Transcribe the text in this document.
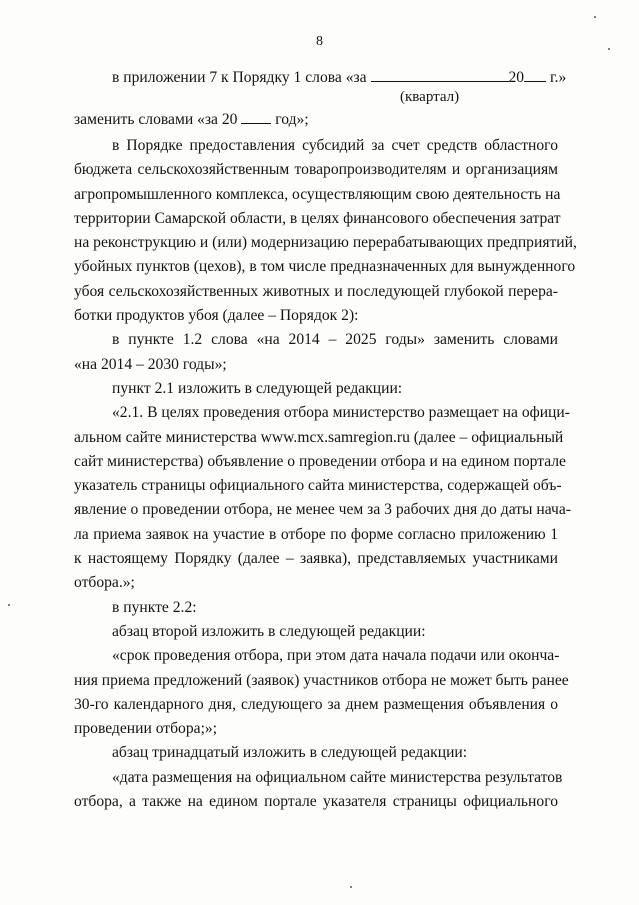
8
в приложении 7 к Порядку 1 слова «за	20 г.»
(квартал)
заменить словами «за 20 год»;
в Порядке предоставления субсидий за счет средств областного
бюджета сельскохозяйственным товаропроизводителям и организациям
агропромышленного комплекса, осуществляющим свою деятельность на
территории Самарской области, в целях финансового обеспечения затрат
на реконструкцию и (или) модернизацию перерабатывающих предприятий,
убойных пунктов (цехов), в том числе предназначенных для вынужденного
убоя сельскохозяйственных животных и последующей глубокой перера-
ботки продуктов убоя (далее – Порядок 2):
в пункте 1.2 слова «на 2014 – 2025 годы» заменить словами
«на 2014 – 2030 годы»;
пункт 2.1 изложить в следующей редакции:
«2.1. В целях проведения отбора министерство размещает на офици-
альном сайте министерства www.mcx.samregion.ru (далее – официальный
сайт министерства) объявление о проведении отбора и на едином портале
указатель страницы официального сайта министерства, содержащей объ-
явление о проведении отбора, не менее чем за 3 рабочих дня до даты нача-
ла приема заявок на участие в отборе по форме согласно приложению 1
к настоящему Порядку (далее – заявка), представляемых участниками
отбора.»;
в пункте 2.2:
абзац второй изложить в следующей редакции:
«срок проведения отбора, при этом дата начала подачи или оконча-
ния приема предложений (заявок) участников отбора не может быть ранее
30-го календарного дня, следующего за днем размещения объявления о
проведении отбора;»;
абзац тринадцатый изложить в следующей редакции:
«дата размещения на официальном сайте министерства результатов
отбора, а также на едином портале указателя страницы официального
